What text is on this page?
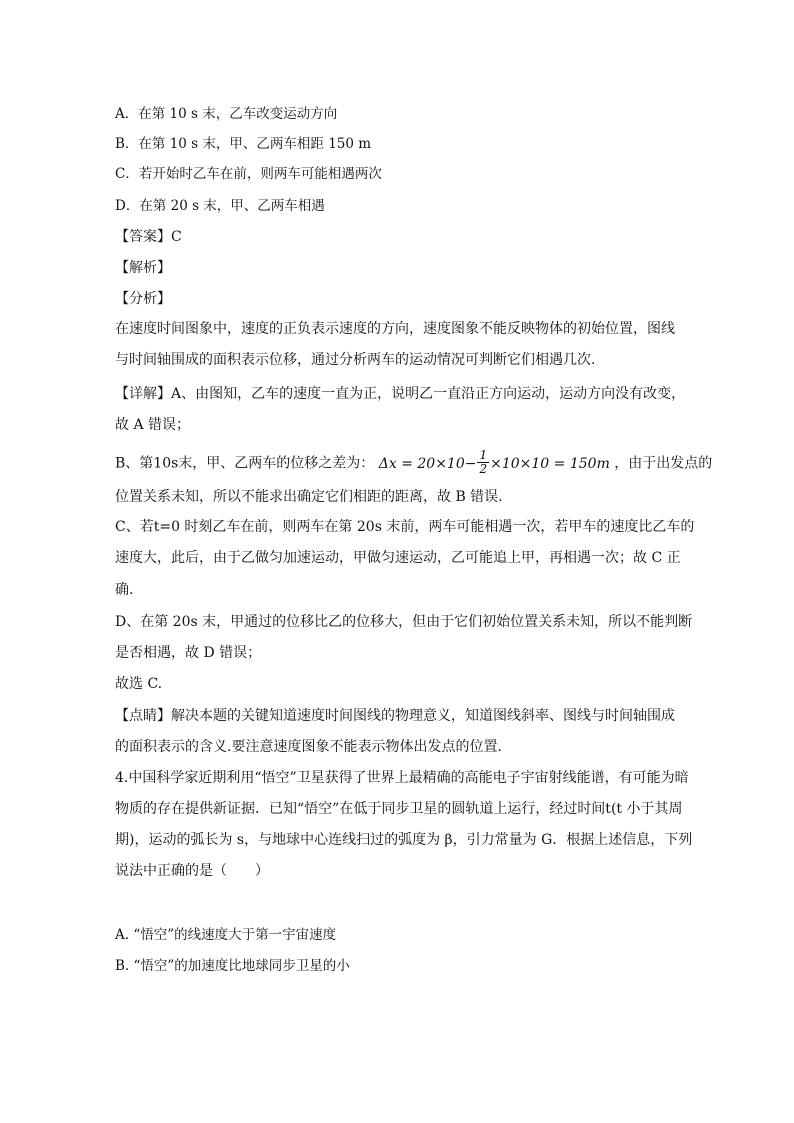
A．在第 10 s 末，乙车改变运动方向
B．在第 10 s 末，甲、乙两车相距 150 m
C．若开始时乙车在前，则两车可能相遇两次
D．在第 20 s 末，甲、乙两车相遇
【答案】C
【解析】
【分析】
在速度时间图象中，速度的正负表示速度的方向，速度图象不能反映物体的初始位置，图线
与时间轴围成的面积表示位移，通过分析两车的运动情况可判断它们相遇几次.
【详解】A、由图知，乙车的速度一直为正，说明乙一直沿正方向运动，运动方向没有改变，
故 A 错误；
B、第10s末，甲、乙两车的位移之差为： $\Delta x = 20\times 10- \frac{1}{2} \times 10\times 10 = 150m$ ，由于出发点的
位置关系未知，所以不能求出确定它们相距的距离，故 B 错误.
C、若t=0 时刻乙车在前，则两车在第 20s 末前，两车可能相遇一次，若甲车的速度比乙车的
速度大，此后，由于乙做匀加速运动，甲做匀速运动，乙可能追上甲，再相遇一次；故 C 正
确.
D、在第 20s 末，甲通过的位移比乙的位移大，但由于它们初始位置关系未知，所以不能判断
是否相遇，故 D 错误；
故选 C.
【点睛】解决本题的关键知道速度时间图线的物理意义，知道图线斜率、图线与时间轴围成
的面积表示的含义.要注意速度图象不能表示物体出发点的位置.
4.中国科学家近期利用“悟空”卫星获得了世界上最精确的高能电子宇宙射线能谱，有可能为暗
物质的存在提供新证据．已知“悟空”在低于同步卫星的圆轨道上运行，经过时间t(t 小于其周
期)，运动的弧长为 s，与地球中心连线扫过的弧度为 β，引力常量为 G．根据上述信息，下列
说法中正确的是（　　）
A. “悟空”的线速度大于第一宇宙速度
B. “悟空”的加速度比地球同步卫星的小
